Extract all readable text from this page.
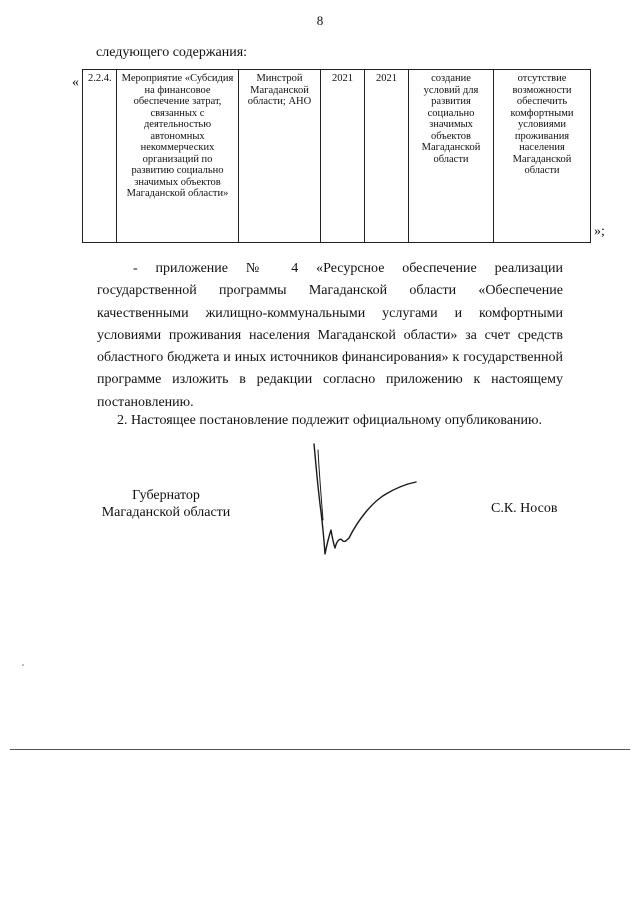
8
следующего содержания:
« 2.2.4.	Мероприятие «Субсидия на финансовое обеспечение затрат, связанных с деятельностью автономных некоммерческих организаций по развитию социально значимых объектов Магаданской области»	Минстрой Магаданской области; АНО	2021	2021	создание условий для развития социально значимых объектов Магаданской области	отсутствие возможности обеспечить комфортными условиями проживания населения Магаданской области
»;
- приложение № 4 «Ресурсное обеспечение реализации государственной программы Магаданской области «Обеспечение качественными жилищно-коммунальными услугами и комфортными условиями проживания населения Магаданской области» за счет средств областного бюджета и иных источников финансирования» к государственной программе изложить в редакции согласно приложению к настоящему постановлению.
2. Настоящее постановление подлежит официальному опубликованию.
Губернатор Магаданской области	С.К. Носов
